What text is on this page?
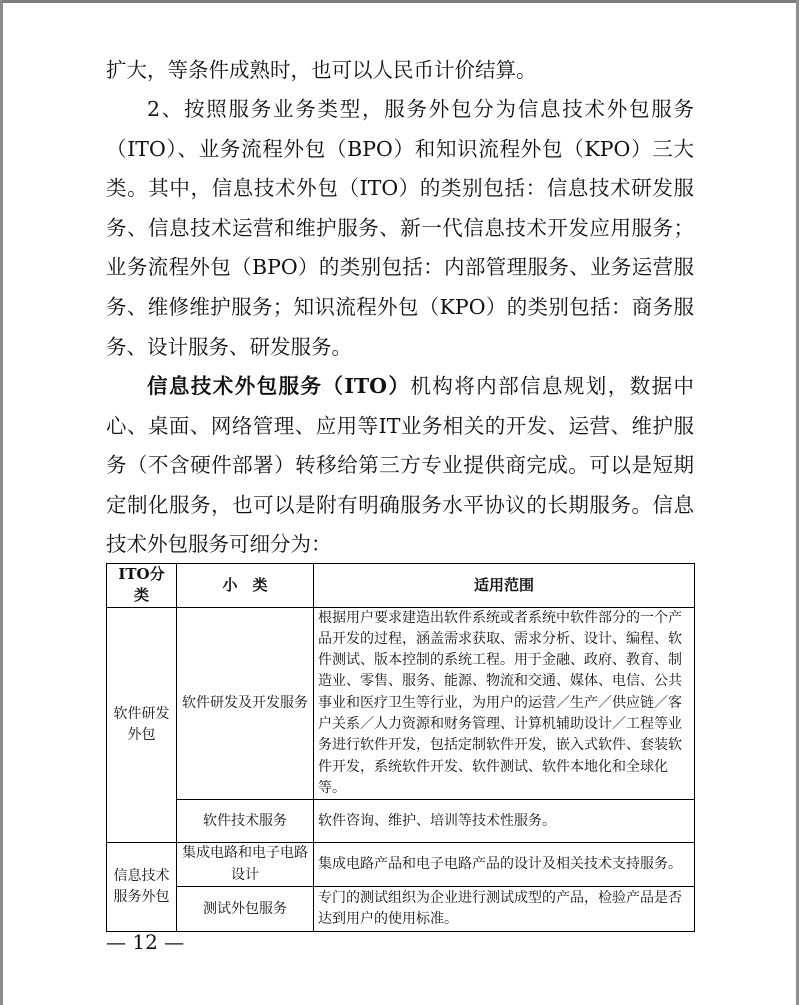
扩大，等条件成熟时，也可以人民币计价结算。

2、按照服务业务类型，服务外包分为信息技术外包服务（ITO）、业务流程外包（BPO）和知识流程外包（KPO）三大类。其中，信息技术外包（ITO）的类别包括：信息技术研发服务、信息技术运营和维护服务、新一代信息技术开发应用服务；业务流程外包（BPO）的类别包括：内部管理服务、业务运营服务、维修维护服务；知识流程外包（KPO）的类别包括：商务服务、设计服务、研发服务。

信息技术外包服务（ITO）机构将内部信息规划，数据中心、桌面、网络管理、应用等IT业务相关的开发、运营、维护服务（不含硬件部署）转移给第三方专业提供商完成。可以是短期定制化服务，也可以是附有明确服务水平协议的长期服务。信息技术外包服务可细分为：

ITO分类	小　类	适用范围
软件研发外包	软件研发及开发服务	根据用户要求建造出软件系统或者系统中软件部分的一个产品开发的过程，涵盖需求获取、需求分析、设计、编程、软件测试、版本控制的系统工程。用于金融、政府、教育、制造业、零售、服务、能源、物流和交通、媒体、电信、公共事业和医疗卫生等行业，为用户的运营／生产／供应链／客户关系／人力资源和财务管理、计算机辅助设计／工程等业务进行软件开发，包括定制软件开发，嵌入式软件、套装软件开发，系统软件开发、软件测试、软件本地化和全球化等。
	软件技术服务	软件咨询、维护、培训等技术性服务。
信息技术服务外包	集成电路和电子电路设计	集成电路产品和电子电路产品的设计及相关技术支持服务。
	测试外包服务	专门的测试组织为企业进行测试成型的产品，检验产品是否达到用户的使用标准。
— 12 —
